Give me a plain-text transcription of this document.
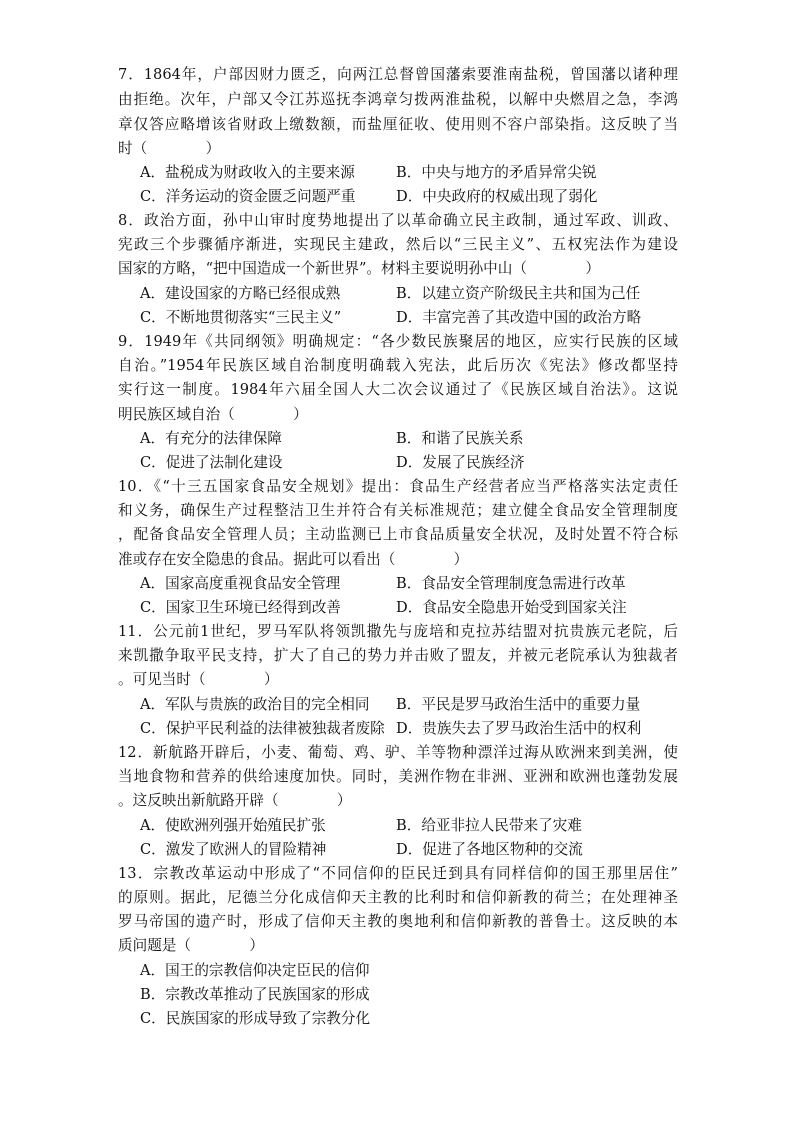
7．1864年，户部因财力匮乏，向两江总督曾国藩索要淮南盐税，曾国藩以诸种理
由拒绝。次年，户部又令江苏巡抚李鸿章匀拨两淮盐税，以解中央燃眉之急，李鸿
章仅答应略增该省财政上缴数额，而盐厘征收、使用则不容户部染指。这反映了当
时（　　　　）
A．盐税成为财政收入的主要来源	B．中央与地方的矛盾异常尖锐
C．洋务运动的资金匮乏问题严重	D．中央政府的权威出现了弱化
8．政治方面，孙中山审时度势地提出了以革命确立民主政制，通过军政、训政、
宪政三个步骤循序渐进，实现民主建政，然后以“三民主义”、五权宪法作为建设
国家的方略，“把中国造成一个新世界”。材料主要说明孙中山（　　　　）
A．建设国家的方略已经很成熟	B．以建立资产阶级民主共和国为己任
C．不断地贯彻落实“三民主义”	D．丰富完善了其改造中国的政治方略
9．1949年《共同纲领》明确规定：“各少数民族聚居的地区，应实行民族的区域
自治。”1954年民族区域自治制度明确载入宪法，此后历次《宪法》修改都坚持
实行这一制度。1984年六届全国人大二次会议通过了《民族区域自治法》。这说
明民族区域自治（　　　　）
A．有充分的法律保障	B．和谐了民族关系
C．促进了法制化建设	D．发展了民族经济
10．《“十三五国家食品安全规划》提出：食品生产经营者应当严格落实法定责任
和义务，确保生产过程整洁卫生并符合有关标准规范；建立健全食品安全管理制度
，配备食品安全管理人员；主动监测已上市食品质量安全状况，及时处置不符合标
准或存在安全隐患的食品。据此可以看出（　　　　）
A．国家高度重视食品安全管理	B．食品安全管理制度急需进行改革
C．国家卫生环境已经得到改善	D．食品安全隐患开始受到国家关注
11．公元前1世纪，罗马军队将领凯撒先与庞培和克拉苏结盟对抗贵族元老院，后
来凯撒争取平民支持，扩大了自己的势力并击败了盟友，并被元老院承认为独裁者
。可见当时（　　　　）
A．军队与贵族的政治目的完全相同 B．平民是罗马政治生活中的重要力量
C．保护平民利益的法律被独裁者废除 D．贵族失去了罗马政治生活中的权利
12．新航路开辟后，小麦、葡萄、鸡、驴、羊等物种漂洋过海从欧洲来到美洲，使
当地食物和营养的供给速度加快。同时，美洲作物在非洲、亚洲和欧洲也蓬勃发展
。这反映出新航路开辟（　　　　）
A．使欧洲列强开始殖民扩张	B．给亚非拉人民带来了灾难
C．激发了欧洲人的冒险精神	D．促进了各地区物种的交流
13．宗教改革运动中形成了“不同信仰的臣民迁到具有同样信仰的国王那里居住”
的原则。据此，尼德兰分化成信仰天主教的比利时和信仰新教的荷兰；在处理神圣
罗马帝国的遗产时，形成了信仰天主教的奥地利和信仰新教的普鲁士。这反映的本
质问题是（　　　　）
A．国王的宗教信仰决定臣民的信仰
B．宗教改革推动了民族国家的形成
C．民族国家的形成导致了宗教分化
